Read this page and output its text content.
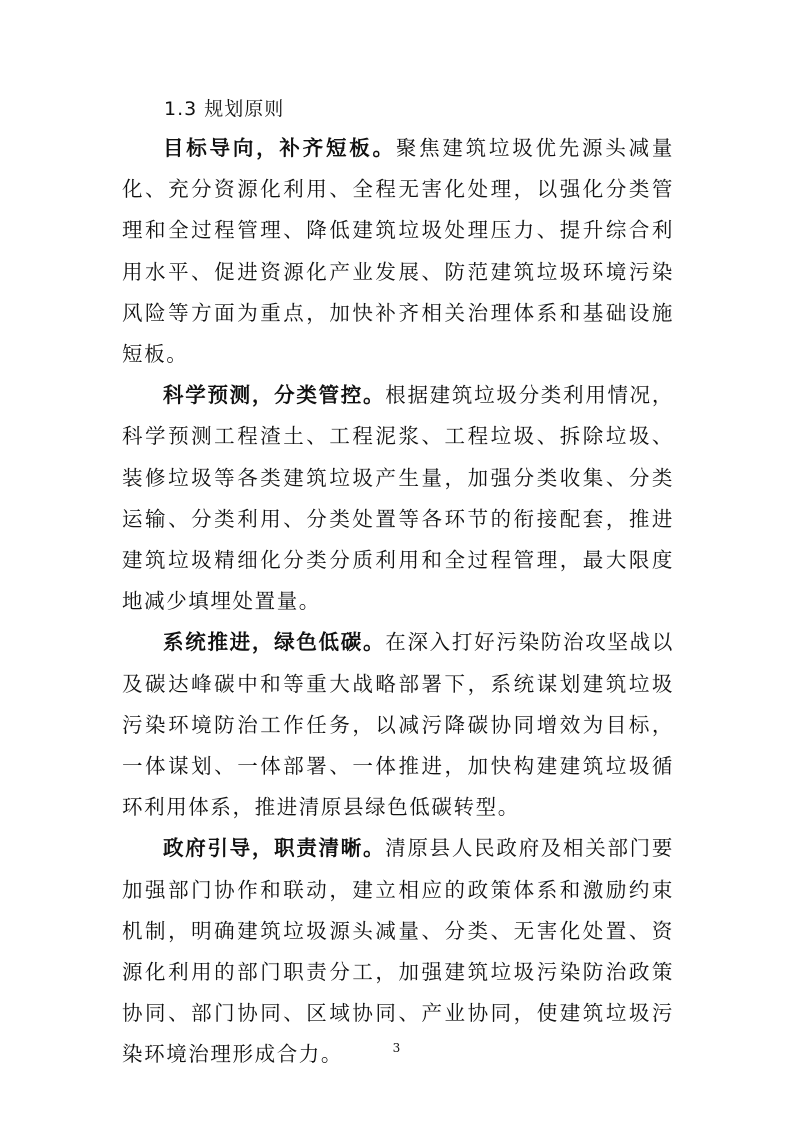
1.3 规划原则

目标导向，补齐短板。聚焦建筑垃圾优先源头减量化、充分资源化利用、全程无害化处理，以强化分类管理和全过程管理、降低建筑垃圾处理压力、提升综合利用水平、促进资源化产业发展、防范建筑垃圾环境污染风险等方面为重点，加快补齐相关治理体系和基础设施短板。

科学预测，分类管控。根据建筑垃圾分类利用情况，科学预测工程渣土、工程泥浆、工程垃圾、拆除垃圾、装修垃圾等各类建筑垃圾产生量，加强分类收集、分类运输、分类利用、分类处置等各环节的衔接配套，推进建筑垃圾精细化分类分质利用和全过程管理，最大限度地减少填埋处置量。

系统推进，绿色低碳。在深入打好污染防治攻坚战以及碳达峰碳中和等重大战略部署下，系统谋划建筑垃圾污染环境防治工作任务，以减污降碳协同增效为目标，一体谋划、一体部署、一体推进，加快构建建筑垃圾循环利用体系，推进清原县绿色低碳转型。

政府引导，职责清晰。清原县人民政府及相关部门要加强部门协作和联动，建立相应的政策体系和激励约束机制，明确建筑垃圾源头减量、分类、无害化处置、资源化利用的部门职责分工，加强建筑垃圾污染防治政策协同、部门协同、区域协同、产业协同，使建筑垃圾污染环境治理形成合力。	3
